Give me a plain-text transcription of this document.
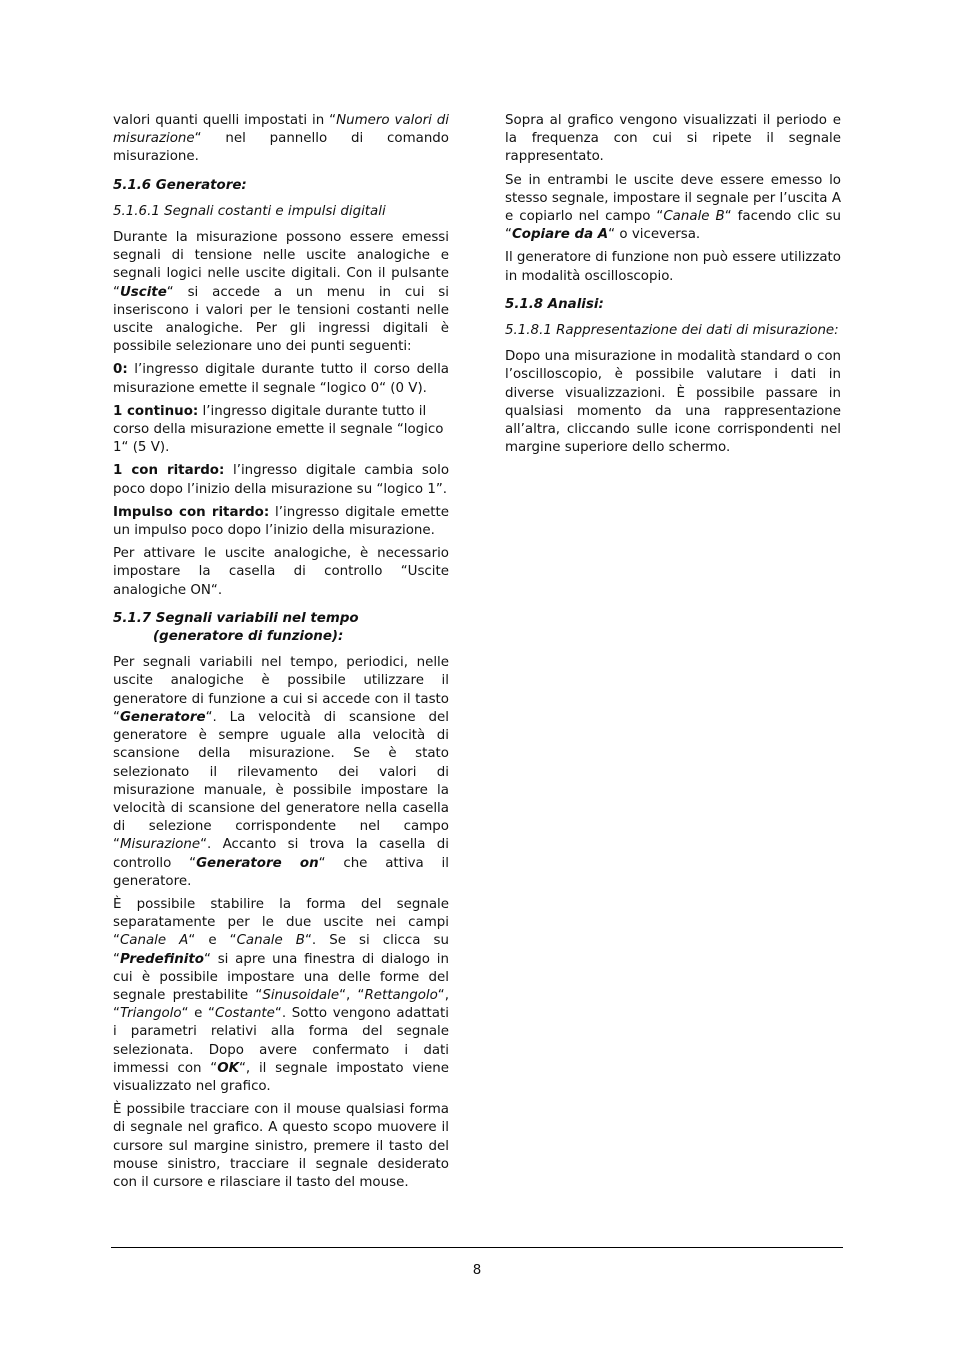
valori quanti quelli impostati in “Numero valori di misurazione“ nel pannello di comando misurazione.

5.1.6 Generatore:
5.1.6.1 Segnali costanti e impulsi digitali

Durante la misurazione possono essere emessi segnali di tensione nelle uscite analogiche e segnali logici nelle uscite digitali. Con il pulsante “Uscite“ si accede a un menu in cui si inseriscono i valori per le tensioni costanti nelle uscite analogiche. Per gli ingressi digitali è possibile selezionare uno dei punti seguenti:

0: l’ingresso digitale durante tutto il corso della misurazione emette il segnale “logico 0“ (0 V).

1 continuo: l’ingresso digitale durante tutto il corso della misurazione emette il segnale “logico 1“ (5 V).

1 con ritardo: l’ingresso digitale cambia solo poco dopo l’inizio della misurazione su “logico 1”.

Impulso con ritardo: l’ingresso digitale emette un impulso poco dopo l’inizio della misurazione.

Per attivare le uscite analogiche, è necessario impostare la casella di controllo “Uscite analogiche ON“.

5.1.7 Segnali variabili nel tempo (generatore di funzione):

Per segnali variabili nel tempo, periodici, nelle uscite analogiche è possibile utilizzare il generatore di funzione a cui si accede con il tasto “Generatore“. La velocità di scansione del generatore è sempre uguale alla velocità di scansione della misurazione. Se è stato selezionato il rilevamento dei valori di misurazione manuale, è possibile impostare la velocità di scansione del generatore nella casella di selezione corrispondente nel campo “Misurazione“. Accanto si trova la casella di controllo “Generatore on“ che attiva il generatore.

È possibile stabilire la forma del segnale separatamente per le due uscite nei campi “Canale A“ e “Canale B“. Se si clicca su “Predefinito“ si apre una finestra di dialogo in cui è possibile impostare una delle forme del segnale prestabilite “Sinusoidale“, “Rettangolo“, “Triangolo“ e “Costante“. Sotto vengono adattati i parametri relativi alla forma del segnale selezionata. Dopo avere confermato i dati immessi con “OK“, il segnale impostato viene visualizzato nel grafico.

È possibile tracciare con il mouse qualsiasi forma di segnale nel grafico. A questo scopo muovere il cursore sul margine sinistro, premere il tasto del mouse sinistro, tracciare il segnale desiderato con il cursore e rilasciare il tasto del mouse.

Sopra al grafico vengono visualizzati il periodo e la frequenza con cui si ripete il segnale rappresentato.

Se in entrambi le uscite deve essere emesso lo stesso segnale, impostare il segnale per l’uscita A e copiarlo nel campo “Canale B“ facendo clic su “Copiare da A“ o viceversa.

Il generatore di funzione non può essere utilizzato in modalità oscilloscopio.

5.1.8 Analisi:
5.1.8.1 Rappresentazione dei dati di misurazione:

Dopo una misurazione in modalità standard o con l’oscilloscopio, è possibile valutare i dati in diverse visualizzazioni. È possibile passare in qualsiasi momento da una rappresentazione all’altra, cliccando sulle icone corrispondenti nel margine superiore dello schermo.

8
